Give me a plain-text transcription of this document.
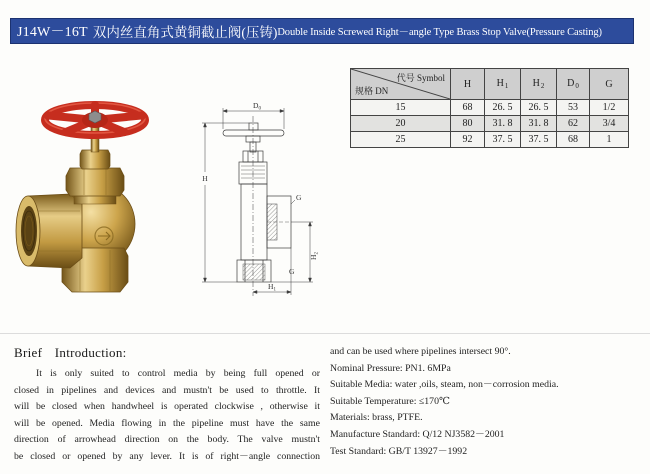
J14W－16T 双内丝直角式黄铜截止阀(压铸) Double Inside Screwed Right－angle Type Brass Stop Valve(Pressure Casting)
$D_0$
H
G
$H_2$
G
$H_1$
代号 Symbol
规格 DN	H	$H_1$	$H_2$	$D_0$	G
15	68	26. 5	26. 5	53	1/2
20	80	31. 8	31. 8	62	3/4
25	92	37. 5	37. 5	68	1
Brief Introduction:
It is only suited to control media by being full opened or
closed in pipelines and devices and mustn't be used to throttle. It
will be closed when handwheel is operated clockwise , otherwise it
will be opened. Media flowing in the pipeline must have the same
direction of arrowhead direction on the body. The valve mustn't
be closed or opened by any lever. It is of right－angle connection
and can be used where pipelines intersect 90°.
Nominal Pressure: PN1. 6MPa
Suitable Media: water ,oils, steam, non－corrosion media.
Suitable Temperature: ≤170℃
Materials: brass, PTFE.
Manufacture Standard: Q/12 NJ3582－2001
Test Standard: GB/T 13927－1992
